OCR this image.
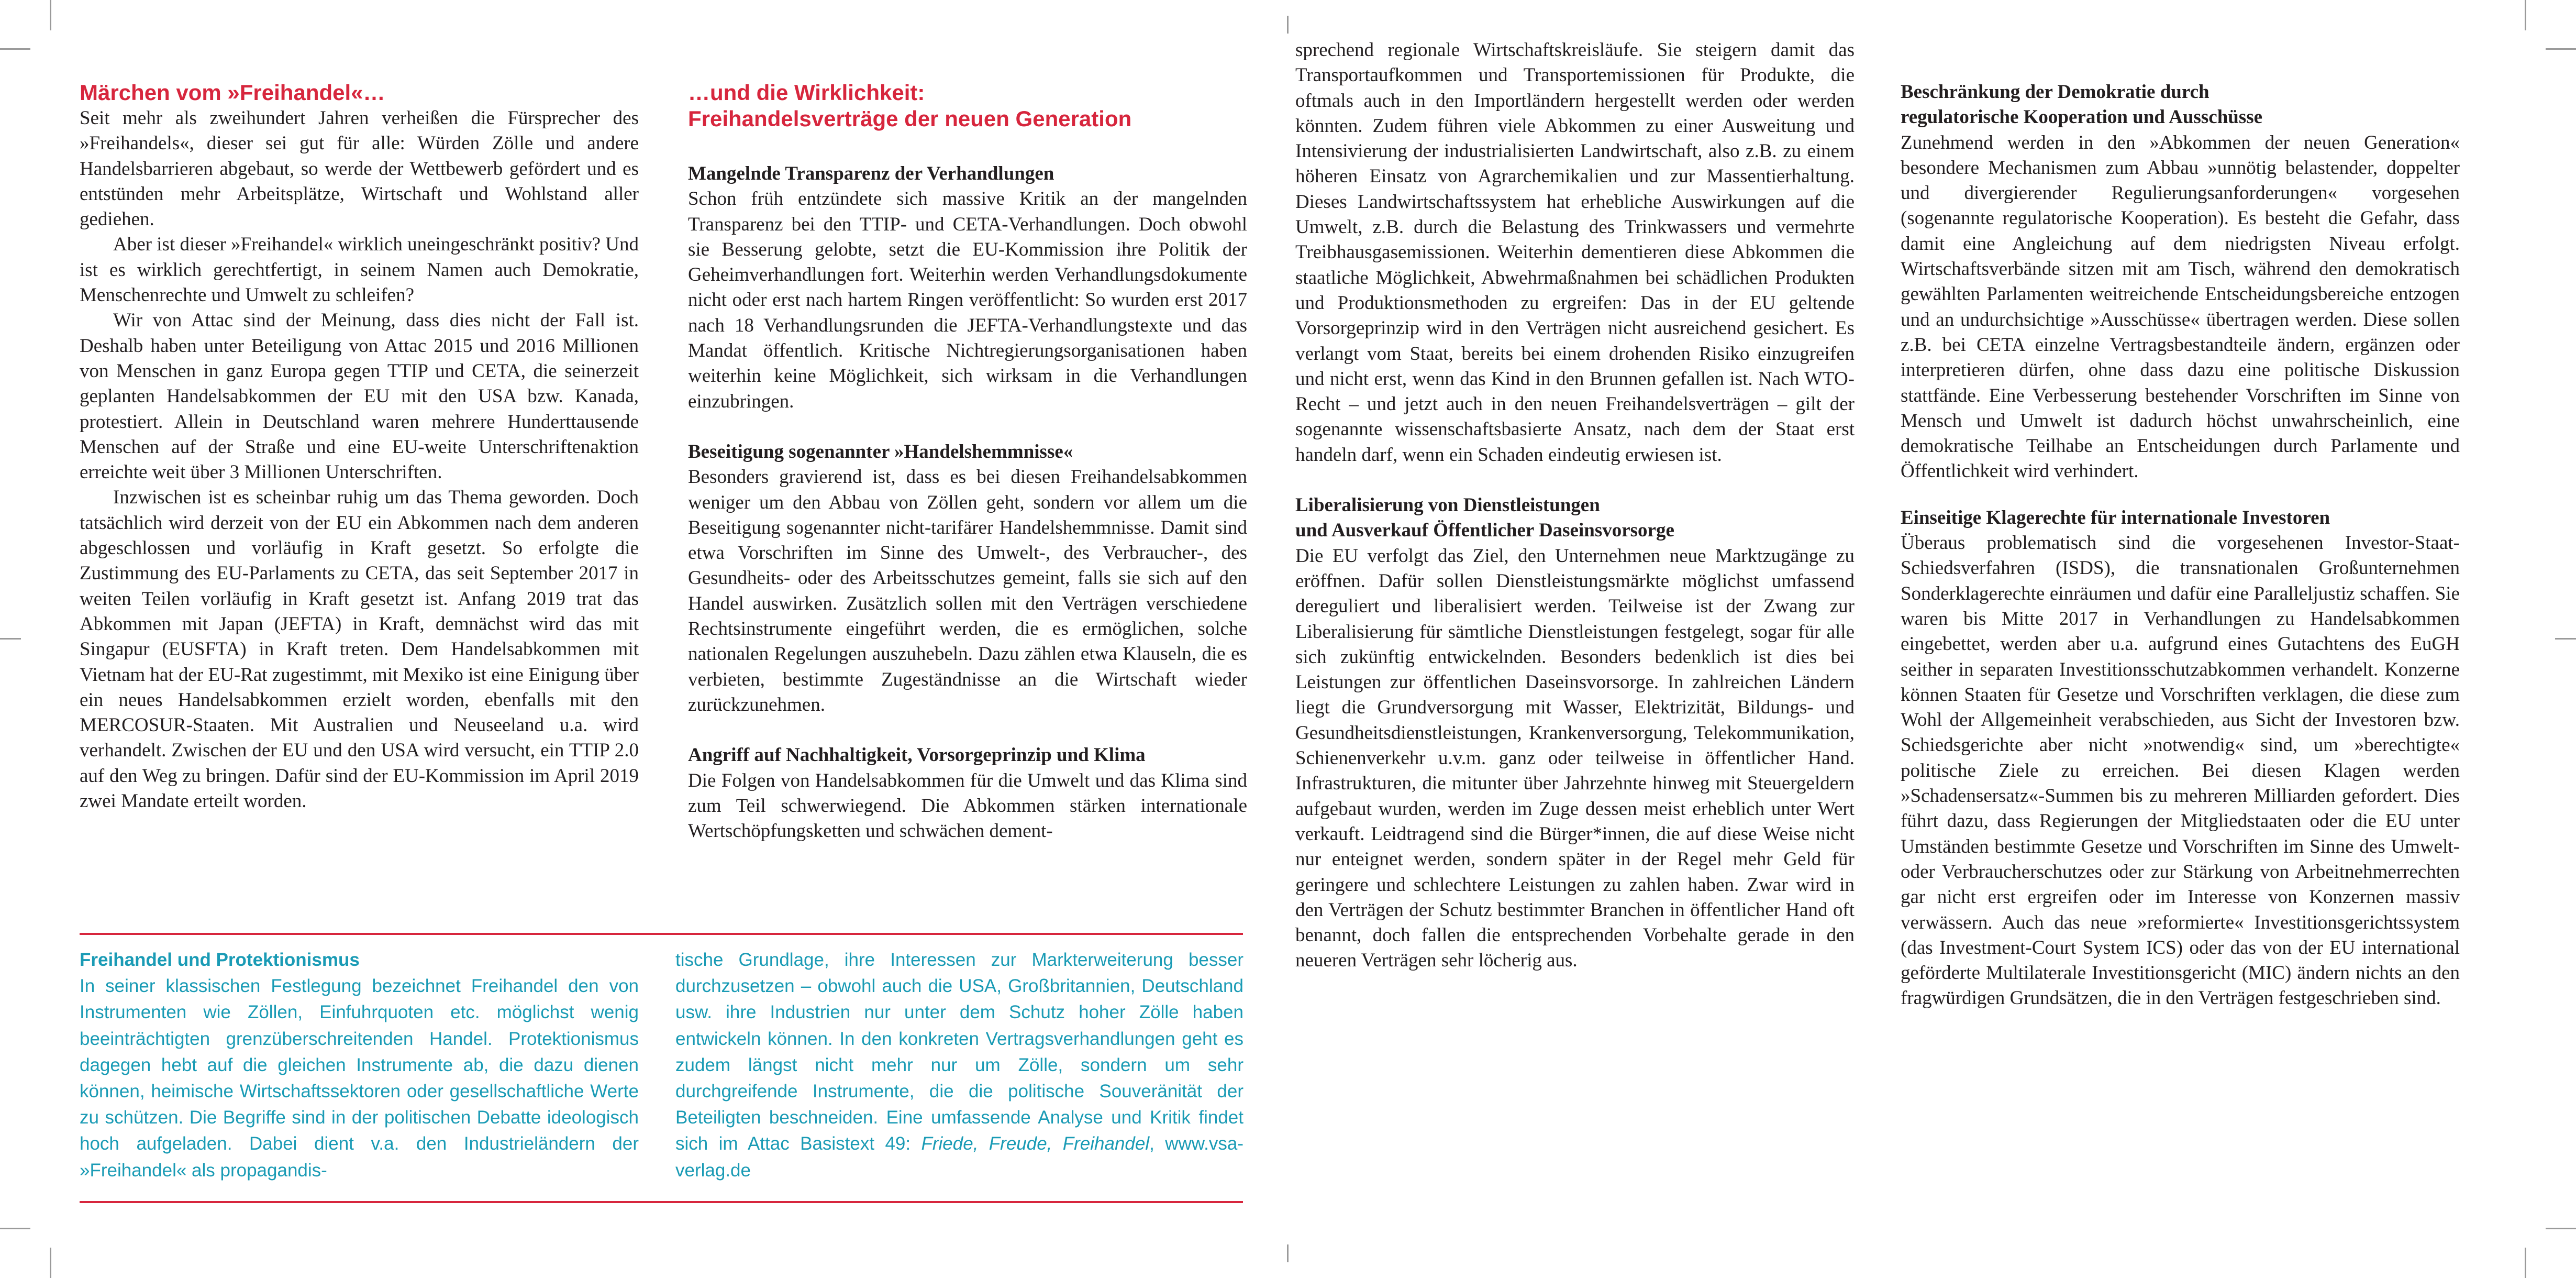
Märchen vom »Freihandel«…

Seit mehr als zweihundert Jahren verheißen die Fürsprecher des »Freihandels«, dieser sei gut für alle: Würden Zölle und andere Handelsbarrieren abgebaut, so werde der Wettbewerb gefördert und es entstünden mehr Arbeitsplätze, Wirtschaft und Wohlstand aller gediehen.

Aber ist dieser »Freihandel« wirklich uneingeschränkt positiv? Und ist es wirklich gerechtfertigt, in seinem Namen auch Demokratie, Menschenrechte und Umwelt zu schleifen?

Wir von Attac sind der Meinung, dass dies nicht der Fall ist. Deshalb haben unter Beteiligung von Attac 2015 und 2016 Millionen von Menschen in ganz Europa gegen TTIP und CETA, die seinerzeit geplanten Handelsabkommen der EU mit den USA bzw. Kanada, protestiert. Allein in Deutschland waren mehrere Hunderttausende Menschen auf der Straße und eine EU-weite Unterschriftenaktion erreichte weit über 3 Millionen Unterschriften.

Inzwischen ist es scheinbar ruhig um das Thema geworden. Doch tatsächlich wird derzeit von der EU ein Abkommen nach dem anderen abgeschlossen und vorläufig in Kraft gesetzt. So erfolgte die Zustimmung des EU-Parlaments zu CETA, das seit September 2017 in weiten Teilen vorläufig in Kraft gesetzt ist. Anfang 2019 trat das Abkommen mit Japan (JEFTA) in Kraft, demnächst wird das mit Singapur (EUSFTA) in Kraft treten. Dem Handelsabkommen mit Vietnam hat der EU-Rat zugestimmt, mit Mexiko ist eine Einigung über ein neues Handelsabkommen erzielt worden, ebenfalls mit den MERCOSUR-Staaten. Mit Australien und Neuseeland u.a. wird verhandelt. Zwischen der EU und den USA wird versucht, ein TTIP 2.0 auf den Weg zu bringen. Dafür sind der EU-Kommission im April 2019 zwei Mandate erteilt worden.

…und die Wirklichkeit:
Freihandelsverträge der neuen Generation

Mangelnde Transparenz der Verhandlungen

Schon früh entzündete sich massive Kritik an der mangelnden Transparenz bei den TTIP- und CETA-Verhandlungen. Doch obwohl sie Besserung gelobte, setzt die EU-Kommission ihre Politik der Geheimverhandlungen fort. Weiterhin werden Verhandlungsdokumente nicht oder erst nach hartem Ringen veröffentlicht: So wurden erst 2017 nach 18 Verhandlungsrunden die JEFTA-Verhandlungstexte und das Mandat öffentlich. Kritische Nichtregierungsorganisationen haben weiterhin keine Möglichkeit, sich wirksam in die Verhandlungen einzubringen.

Beseitigung sogenannter »Handelshemmnisse«

Besonders gravierend ist, dass es bei diesen Freihandelsabkommen weniger um den Abbau von Zöllen geht, sondern vor allem um die Beseitigung sogenannter nicht-tarifärer Handelshemmnisse. Damit sind etwa Vorschriften im Sinne des Umwelt-, des Verbraucher-, des Gesundheits- oder des Arbeitsschutzes gemeint, falls sie sich auf den Handel auswirken. Zusätzlich sollen mit den Verträgen verschiedene Rechtsinstrumente eingeführt werden, die es ermöglichen, solche nationalen Regelungen auszuhebeln. Dazu zählen etwa Klauseln, die es verbieten, bestimmte Zugeständnisse an die Wirtschaft wieder zurückzunehmen.

Angriff auf Nachhaltigkeit, Vorsorgeprinzip und Klima

Die Folgen von Handelsabkommen für die Umwelt und das Klima sind zum Teil schwerwiegend. Die Abkommen stärken internationale Wertschöpfungsketten und schwächen dement-

sprechend regionale Wirtschaftskreisläufe. Sie steigern damit das Transportaufkommen und Transportemissionen für Produkte, die oftmals auch in den Importländern hergestellt werden oder werden könnten. Zudem führen viele Abkommen zu einer Ausweitung und Intensivierung der industrialisierten Landwirtschaft, also z.B. zu einem höheren Einsatz von Agrarchemikalien und zur Massentierhaltung. Dieses Landwirtschaftssystem hat erhebliche Auswirkungen auf die Umwelt, z.B. durch die Belastung des Trinkwassers und vermehrte Treibhausgasemissionen. Weiterhin dementieren diese Abkommen die staatliche Möglichkeit, Abwehrmaßnahmen bei schädlichen Produkten und Produktionsmethoden zu ergreifen: Das in der EU geltende Vorsorgeprinzip wird in den Verträgen nicht ausreichend gesichert. Es verlangt vom Staat, bereits bei einem drohenden Risiko einzugreifen und nicht erst, wenn das Kind in den Brunnen gefallen ist. Nach WTO-Recht – und jetzt auch in den neuen Freihandelsverträgen – gilt der sogenannte wissenschaftsbasierte Ansatz, nach dem der Staat erst handeln darf, wenn ein Schaden eindeutig erwiesen ist.

Liberalisierung von Dienstleistungen
und Ausverkauf Öffentlicher Daseinsvorsorge

Die EU verfolgt das Ziel, den Unternehmen neue Marktzugänge zu eröffnen. Dafür sollen Dienstleistungsmärkte möglichst umfassend dereguliert und liberalisiert werden. Teilweise ist der Zwang zur Liberalisierung für sämtliche Dienstleistungen festgelegt, sogar für alle sich zukünftig entwickelnden. Besonders bedenklich ist dies bei Leistungen zur öffentlichen Daseinsvorsorge. In zahlreichen Ländern liegt die Grundversorgung mit Wasser, Elektrizität, Bildungs- und Gesundheitsdienstleistungen, Krankenversorgung, Telekommunikation, Schienenverkehr u.v.m. ganz oder teilweise in öffentlicher Hand. Infrastrukturen, die mitunter über Jahrzehnte hinweg mit Steuergeldern aufgebaut wurden, werden im Zuge dessen meist erheblich unter Wert verkauft. Leidtragend sind die Bürger*innen, die auf diese Weise nicht nur enteignet werden, sondern später in der Regel mehr Geld für geringere und schlechtere Leistungen zu zahlen haben. Zwar wird in den Verträgen der Schutz bestimmter Branchen in öffentlicher Hand oft benannt, doch fallen die entsprechenden Vorbehalte gerade in den neueren Verträgen sehr löcherig aus.

Beschränkung der Demokratie durch
regulatorische Kooperation und Ausschüsse

Zunehmend werden in den »Abkommen der neuen Generation« besondere Mechanismen zum Abbau »unnötig belastender, doppelter und divergierender Regulierungsanforderungen« vorgesehen (sogenannte regulatorische Kooperation). Es besteht die Gefahr, dass damit eine Angleichung auf dem niedrigsten Niveau erfolgt. Wirtschaftsverbände sitzen mit am Tisch, während den demokratisch gewählten Parlamenten weitreichende Entscheidungsbereiche entzogen und an undurchsichtige »Ausschüsse« übertragen werden. Diese sollen z.B. bei CETA einzelne Vertragsbestandteile ändern, ergänzen oder interpretieren dürfen, ohne dass dazu eine politische Diskussion stattfände. Eine Verbesserung bestehender Vorschriften im Sinne von Mensch und Umwelt ist dadurch höchst unwahrscheinlich, eine demokratische Teilhabe an Entscheidungen durch Parlamente und Öffentlichkeit wird verhindert.

Einseitige Klagerechte für internationale Investoren

Überaus problematisch sind die vorgesehenen Investor-Staat-Schiedsverfahren (ISDS), die transnationalen Großunternehmen Sonderklagerechte einräumen und dafür eine Paralleljustiz schaffen. Sie waren bis Mitte 2017 in Verhandlungen zu Handelsabkommen eingebettet, werden aber u.a. aufgrund eines Gutachtens des EuGH seither in separaten Investitionsschutzabkommen verhandelt. Konzerne können Staaten für Gesetze und Vorschriften verklagen, die diese zum Wohl der Allgemeinheit verabschieden, aus Sicht der Investoren bzw. Schiedsgerichte aber nicht »notwendig« sind, um »berechtigte« politische Ziele zu erreichen. Bei diesen Klagen werden »Schadensersatz«-Summen bis zu mehreren Milliarden gefordert. Dies führt dazu, dass Regierungen der Mitgliedstaaten oder die EU unter Umständen bestimmte Gesetze und Vorschriften im Sinne des Umwelt- oder Verbraucherschutzes oder zur Stärkung von Arbeitnehmerrechten gar nicht erst ergreifen oder im Interesse von Konzernen massiv verwässern. Auch das neue »reformierte« Investitionsgerichtssystem (das Investment-Court System ICS) oder das von der EU international geförderte Multilaterale Investitionsgericht (MIC) ändern nichts an den fragwürdigen Grundsätzen, die in den Verträgen festgeschrieben sind.

Freihandel und Protektionismus

In seiner klassischen Festlegung bezeichnet Freihandel den von Instrumenten wie Zöllen, Einfuhrquoten etc. möglichst wenig beeinträchtigten grenzüberschreitenden Handel. Protektionismus dagegen hebt auf die gleichen Instrumente ab, die dazu dienen können, heimische Wirtschaftssektoren oder gesellschaftliche Werte zu schützen. Die Begriffe sind in der politischen Debatte ideologisch hoch aufgeladen. Dabei dient v.a. den Industrieländern der »Freihandel« als propagandis-

tische Grundlage, ihre Interessen zur Markterweiterung besser durchzusetzen – obwohl auch die USA, Großbritannien, Deutschland usw. ihre Industrien nur unter dem Schutz hoher Zölle haben entwickeln können. In den konkreten Vertragsverhandlungen geht es zudem längst nicht mehr nur um Zölle, sondern um sehr durchgreifende Instrumente, die die politische Souveränität der Beteiligten beschneiden. Eine umfassende Analyse und Kritik findet sich im Attac Basistext 49: Friede, Freude, Freihandel, www.vsa-verlag.de
